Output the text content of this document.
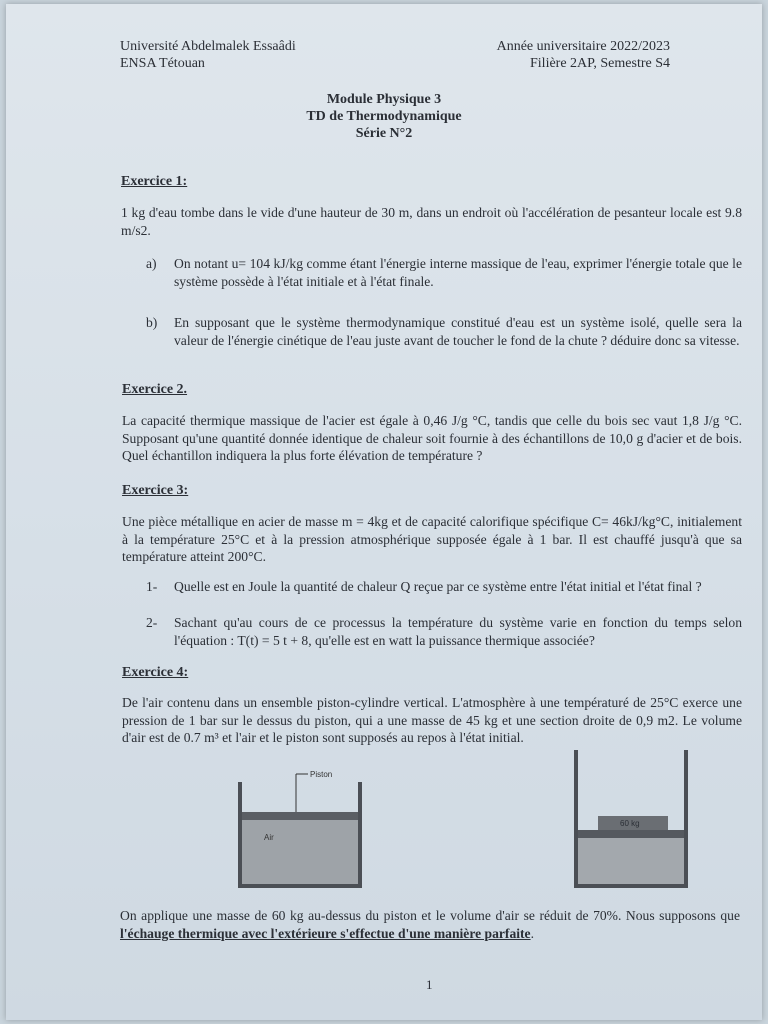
Université Abdelmalek Essaâdi
ENSA Tétouan
Année universitaire 2022/2023
Filière 2AP, Semestre S4
Module Physique 3
TD de Thermodynamique
Série N°2
Exercice 1:
1 kg d'eau tombe dans le vide d'une hauteur de 30 m, dans un endroit où l'accélération de pesanteur locale est 9.8 m/s2.
a)	On notant u= 104 kJ/kg comme étant l'énergie interne massique de l'eau, exprimer l'énergie totale que le système possède à l'état initiale et à l'état finale.
b)	En supposant que le système thermodynamique constitué d'eau est un système isolé, quelle sera la valeur de l'énergie cinétique de l'eau juste avant de toucher le fond de la chute ? déduire donc sa vitesse.
Exercice 2.
La capacité thermique massique de l'acier est égale à 0,46 J/g °C, tandis que celle du bois sec vaut 1,8 J/g °C. Supposant qu'une quantité donnée identique de chaleur soit fournie à des échantillons de 10,0 g d'acier et de bois. Quel échantillon indiquera la plus forte élévation de température ?
Exercice 3:
Une pièce métallique en acier de masse m = 4kg et de capacité calorifique spécifique C= 46kJ/kg°C, initialement à la température 25°C et à la pression atmosphérique supposée égale à 1 bar. Il est chauffé jusqu'à que sa température atteint 200°C.
1-	Quelle est en Joule la quantité de chaleur Q reçue par ce système entre l'état initial et l'état final ?
2-	Sachant qu'au cours de ce processus la température du système varie en fonction du temps selon l'équation : T(t) = 5 t + 8, qu'elle est en watt la puissance thermique associée?
Exercice 4:
De l'air contenu dans un ensemble piston-cylindre vertical. L'atmosphère à une températuré de 25°C exerce une pression de 1 bar sur le dessus du piston, qui a une masse de 45 kg et une section droite de 0,9 m2. Le volume d'air est de 0.7 m³ et l'air et le piston sont supposés au repos à l'état initial.
Piston
Air
60 kg
On applique une masse de 60 kg au-dessus du piston et le volume d'air se réduit de 70%. Nous supposons que l'échauge thermique avec l'extérieure s'effectue d'une manière parfaite.
1
